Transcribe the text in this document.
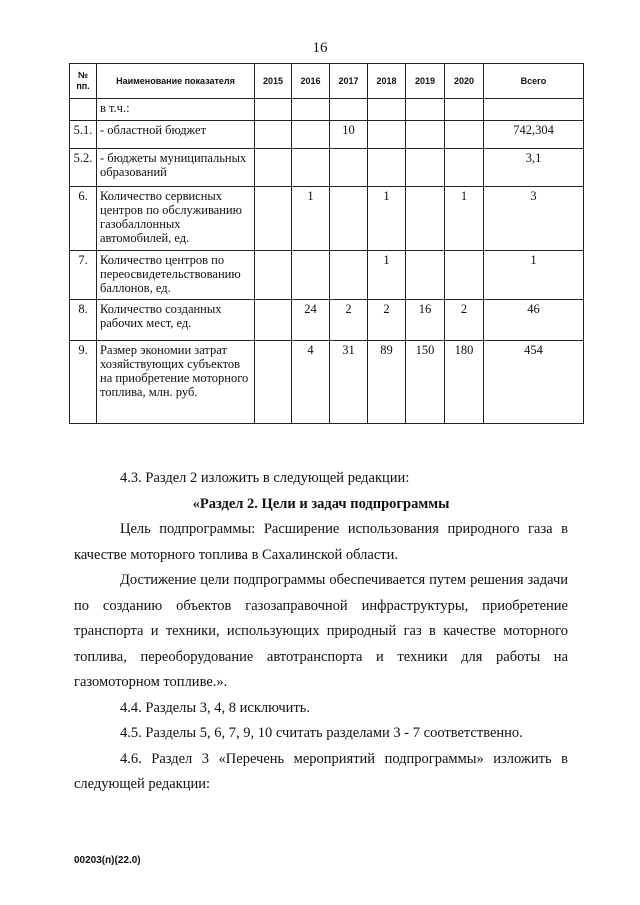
16
№ пп.	Наименование показателя	2015	2016	2017	2018	2019	2020	Всего
	в т.ч.:							
5.1.	- областной бюджет			10				742,304
5.2.	- бюджеты муниципальных образований							3,1
6.	Количество сервисных центров по обслуживанию газобаллонных автомобилей, ед.		1		1		1	3
7.	Количество центров по переосвидетельствованию баллонов, ед.				1			1
8.	Количество созданных рабочих мест, ед.		24	2	2	16	2	46
9.	Размер экономии затрат хозяйствующих субъектов на приобретение моторного топлива, млн. руб.		4	31	89	150	180	454

4.3. Раздел 2 изложить в следующей редакции:

«Раздел 2. Цели и задач подпрограммы

Цель подпрограммы: Расширение использования природного газа в качестве моторного топлива в Сахалинской области.

Достижение цели подпрограммы обеспечивается путем решения задачи по созданию объектов газозаправочной инфраструктуры, приобретение транспорта и техники, использующих природный газ в качестве моторного топлива, переоборудование автотранспорта и техники для работы на газомоторном топливе.».

4.4. Разделы 3, 4, 8 исключить.

4.5. Разделы 5, 6, 7, 9, 10 считать разделами 3 - 7 соответственно.

4.6. Раздел 3 «Перечень мероприятий подпрограммы» изложить в следующей редакции:

00203(п)(22.0)
